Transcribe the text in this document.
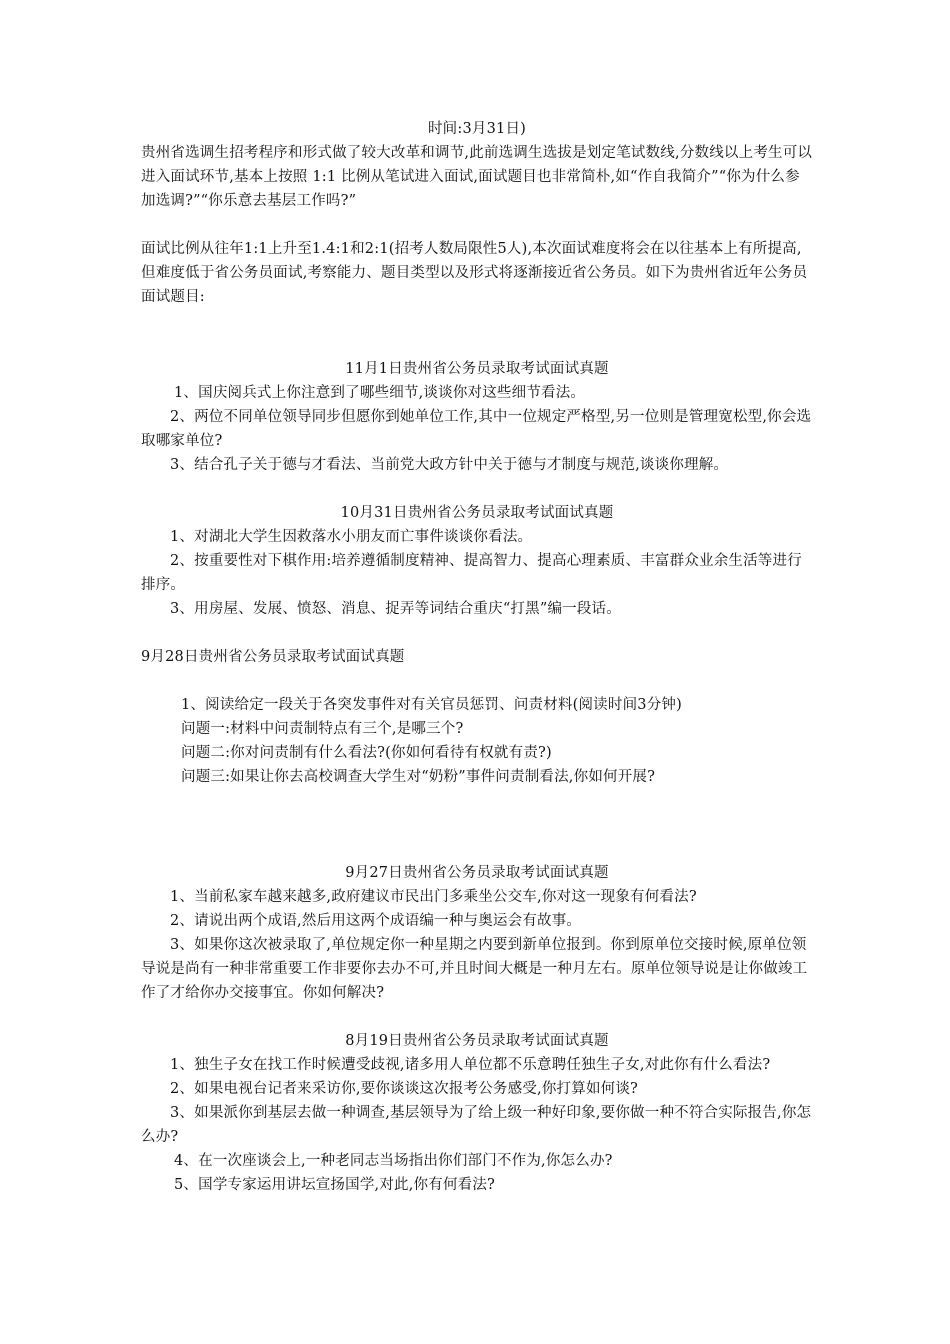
时间:3月31日)

贵州省选调生招考程序和形式做了较大改革和调节,此前选调生选拔是划定笔试数线,分数线以上考生可以进入面试环节,基本上按照 1:1 比例从笔试进入面试,面试题目也非常简朴,如“作自我简介”“你为什么参加选调?”“你乐意去基层工作吗?”

面试比例从往年1:1上升至1.4:1和2:1(招考人数局限性5人),本次面试难度将会在以往基本上有所提高,但难度低于省公务员面试,考察能力、题目类型以及形式将逐渐接近省公务员。如下为贵州省近年公务员面试题目:

11月1日贵州省公务员录取考试面试真题

1、国庆阅兵式上你注意到了哪些细节,谈谈你对这些细节看法。

2、两位不同单位领导同步但愿你到她单位工作,其中一位规定严格型,另一位则是管理宽松型,你会选取哪家单位?

3、结合孔子关于德与才看法、当前党大政方针中关于德与才制度与规范,谈谈你理解。

10月31日贵州省公务员录取考试面试真题

1、对湖北大学生因救落水小朋友而亡事件谈谈你看法。

2、按重要性对下棋作用:培养遵循制度精神、提高智力、提高心理素质、丰富群众业余生活等进行排序。

3、用房屋、发展、愤怒、消息、捉弄等词结合重庆“打黑”编一段话。

9月28日贵州省公务员录取考试面试真题

1、阅读给定一段关于各突发事件对有关官员惩罚、问责材料(阅读时间3分钟)

问题一:材料中问责制特点有三个,是哪三个?

问题二:你对问责制有什么看法?(你如何看待有权就有责?)

问题三:如果让你去高校调查大学生对“奶粉”事件问责制看法,你如何开展?

9月27日贵州省公务员录取考试面试真题

1、当前私家车越来越多,政府建议市民出门多乘坐公交车,你对这一现象有何看法?

2、请说出两个成语,然后用这两个成语编一种与奥运会有故事。

3、如果你这次被录取了,单位规定你一种星期之内要到新单位报到。你到原单位交接时候,原单位领导说是尚有一种非常重要工作非要你去办不可,并且时间大概是一种月左右。原单位领导说是让你做竣工作了才给你办交接事宜。你如何解决?

8月19日贵州省公务员录取考试面试真题

1、独生子女在找工作时候遭受歧视,诸多用人单位都不乐意聘任独生子女,对此你有什么看法?

2、如果电视台记者来采访你,要你谈谈这次报考公务感受,你打算如何谈?

3、如果派你到基层去做一种调查,基层领导为了给上级一种好印象,要你做一种不符合实际报告,你怎么办?

4、在一次座谈会上,一种老同志当场指出你们部门不作为,你怎么办?

5、国学专家运用讲坛宣扬国学,对此,你有何看法?
